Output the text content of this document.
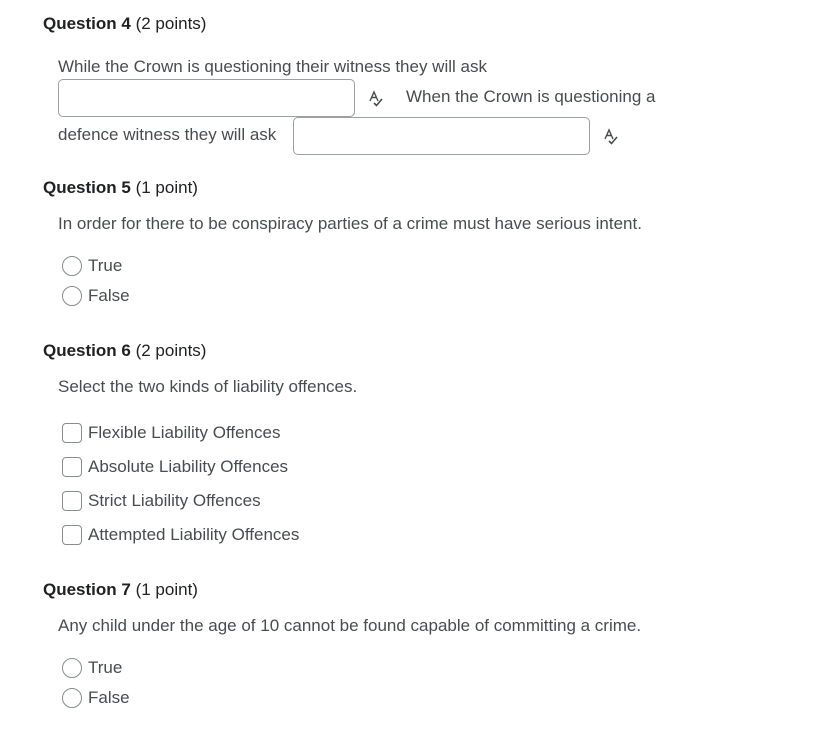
Question 4 (2 points)
While the Crown is questioning their witness they will ask
When the Crown is questioning a
defence witness they will ask
Question 5 (1 point)
In order for there to be conspiracy parties of a crime must have serious intent.
True
False
Question 6 (2 points)
Select the two kinds of liability offences.
Flexible Liability Offences
Absolute Liability Offences
Strict Liability Offences
Attempted Liability Offences
Question 7 (1 point)
Any child under the age of 10 cannot be found capable of committing a crime.
True
False
